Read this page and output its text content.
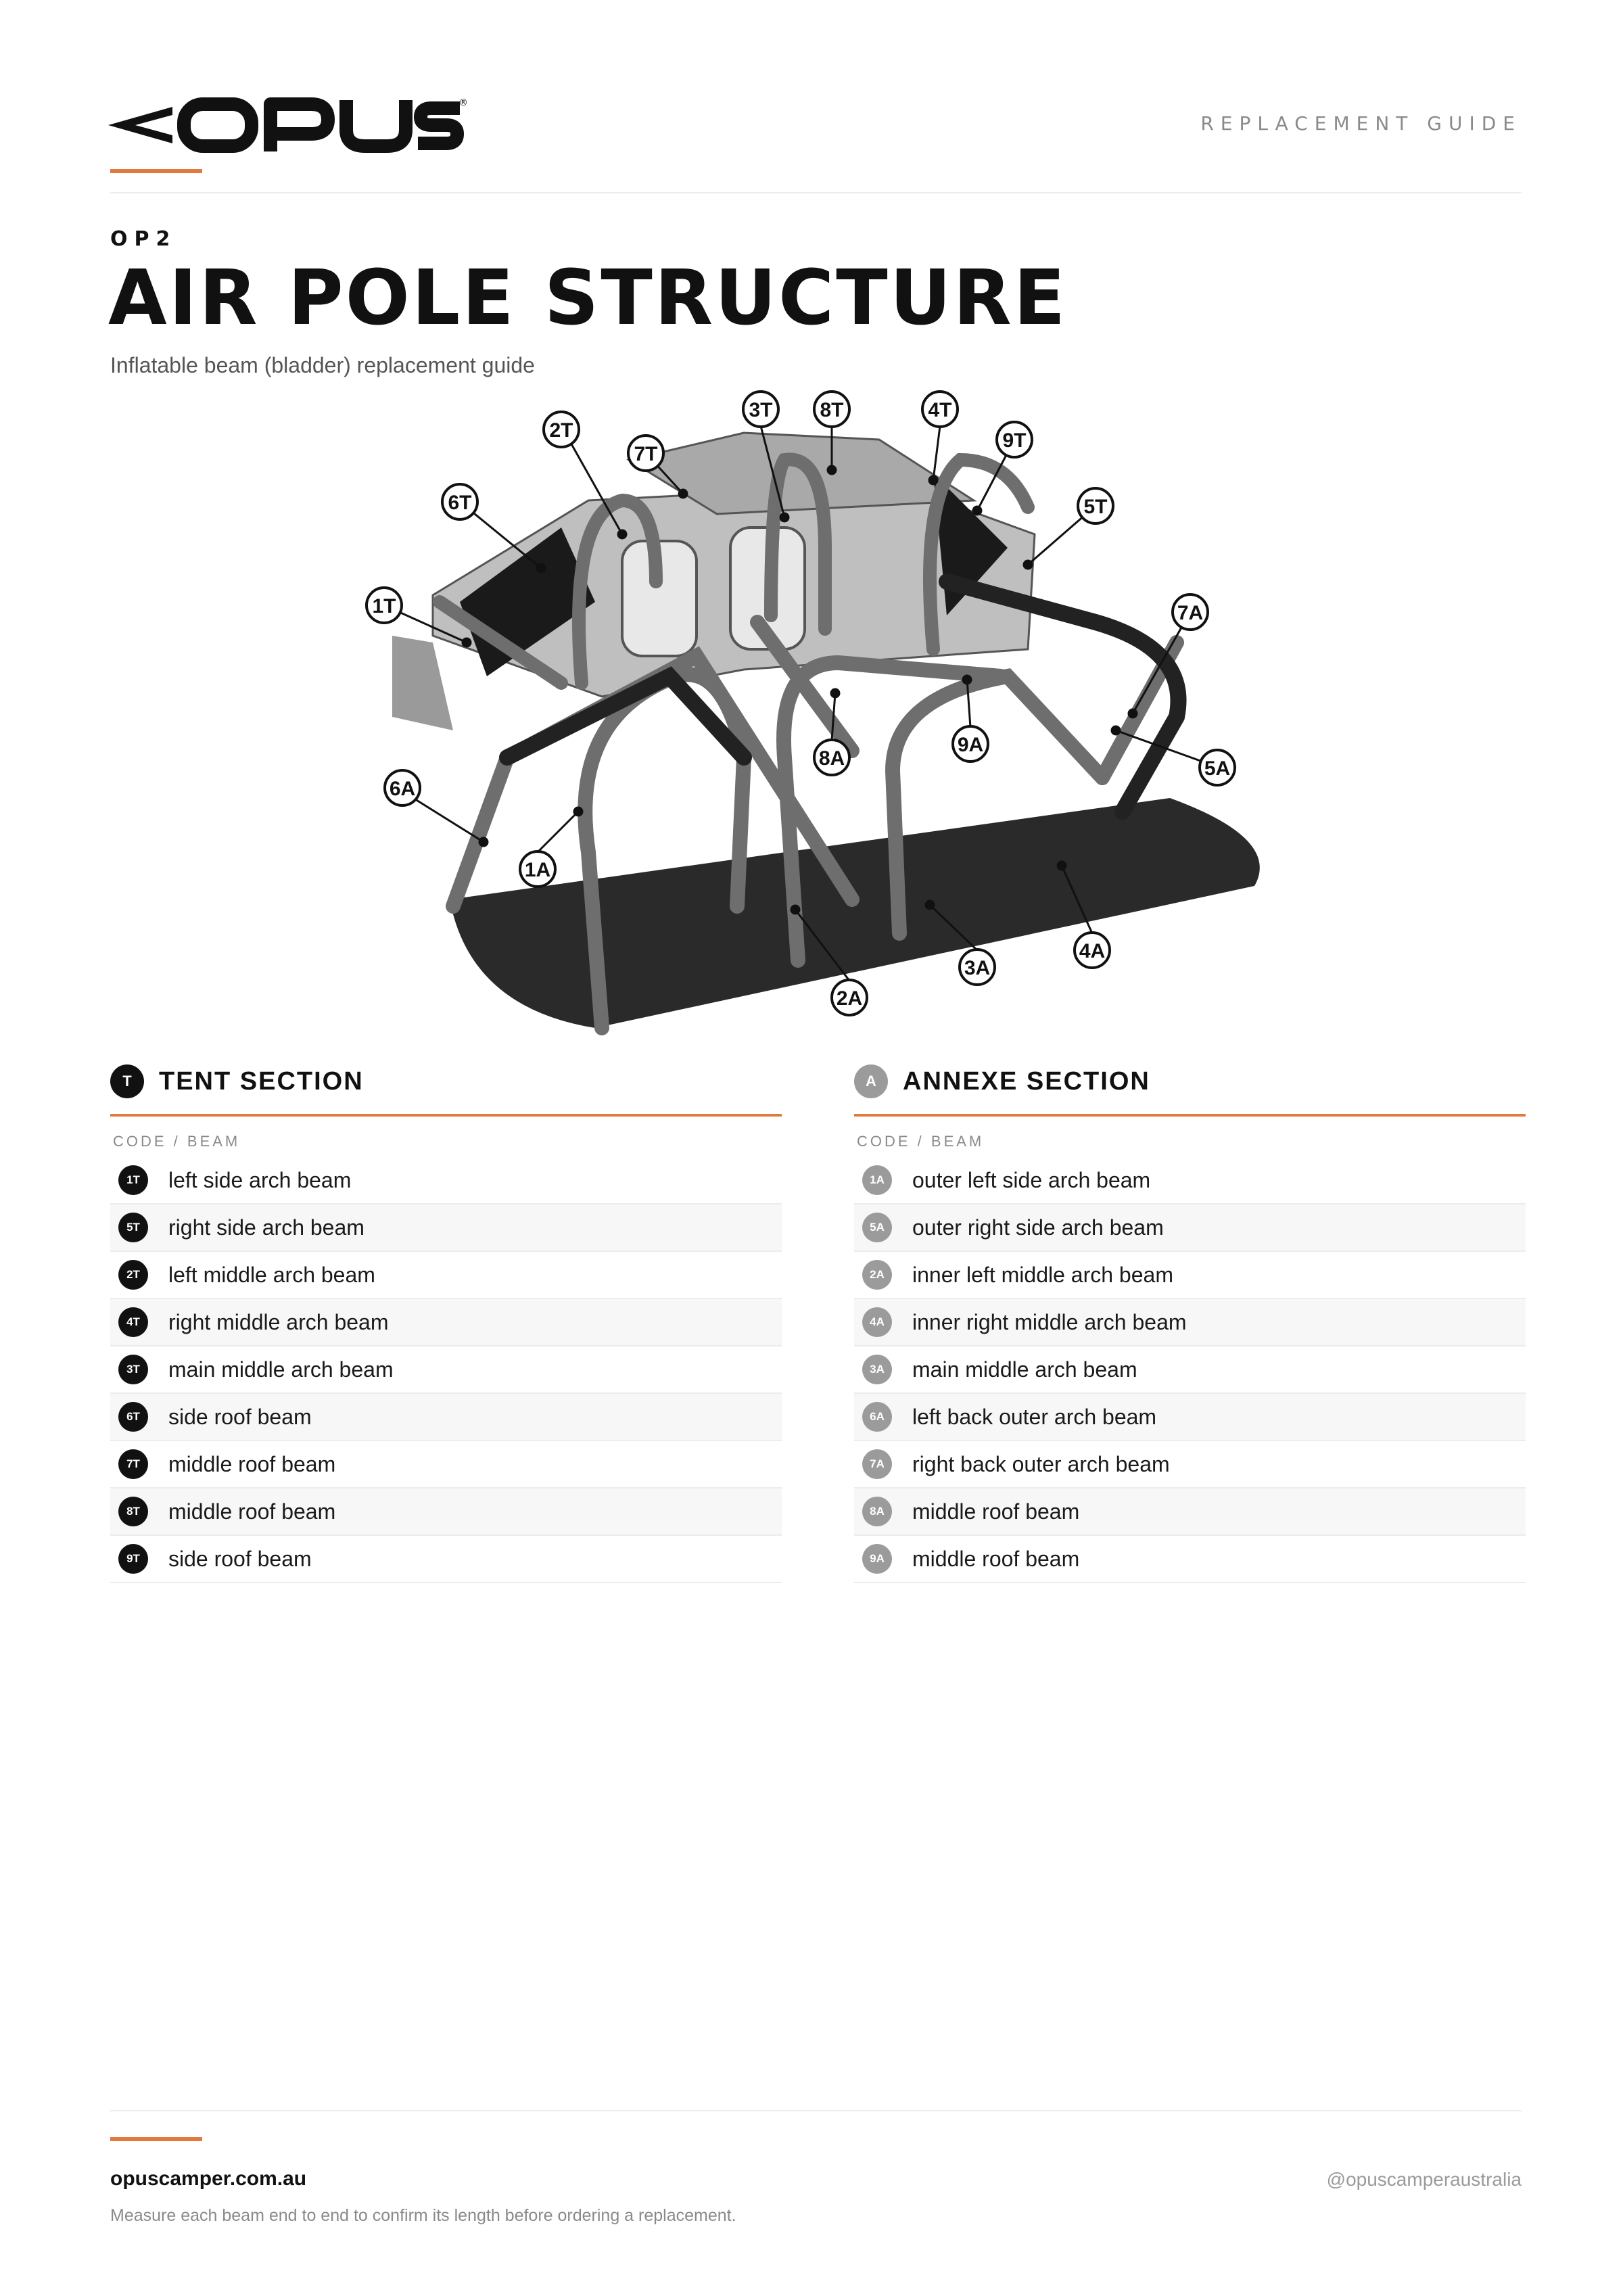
®
OPUS
REPLACEMENT GUIDE
OP2
AIR POLE STRUCTURE
Inflatable beam (bladder) replacement guide
3T 8T	4T
2T
7T
9T
6T	5T
1T	7A
9A
8A	5A
6A
1A
4A
3A
2A
T	TENT SECTION
CODE / BEAM
1T	left side arch beam
5T	right side arch beam
2T	left middle arch beam
4T	right middle arch beam
3T	main middle arch beam
6T	side roof beam
7T	middle roof beam
8T	middle roof beam
9T	side roof beam
A	ANNEXE SECTION
CODE / BEAM
1A	outer left side arch beam
5A	outer right side arch beam
2A	inner left middle arch beam
4A	inner right middle arch beam
3A	main middle arch beam
6A	left back outer arch beam
7A	right back outer arch beam
8A	middle roof beam
9A	middle roof beam
opuscamper.com.au	@opuscamperaustralia
Measure each beam end to end to confirm its length before ordering a replacement.
